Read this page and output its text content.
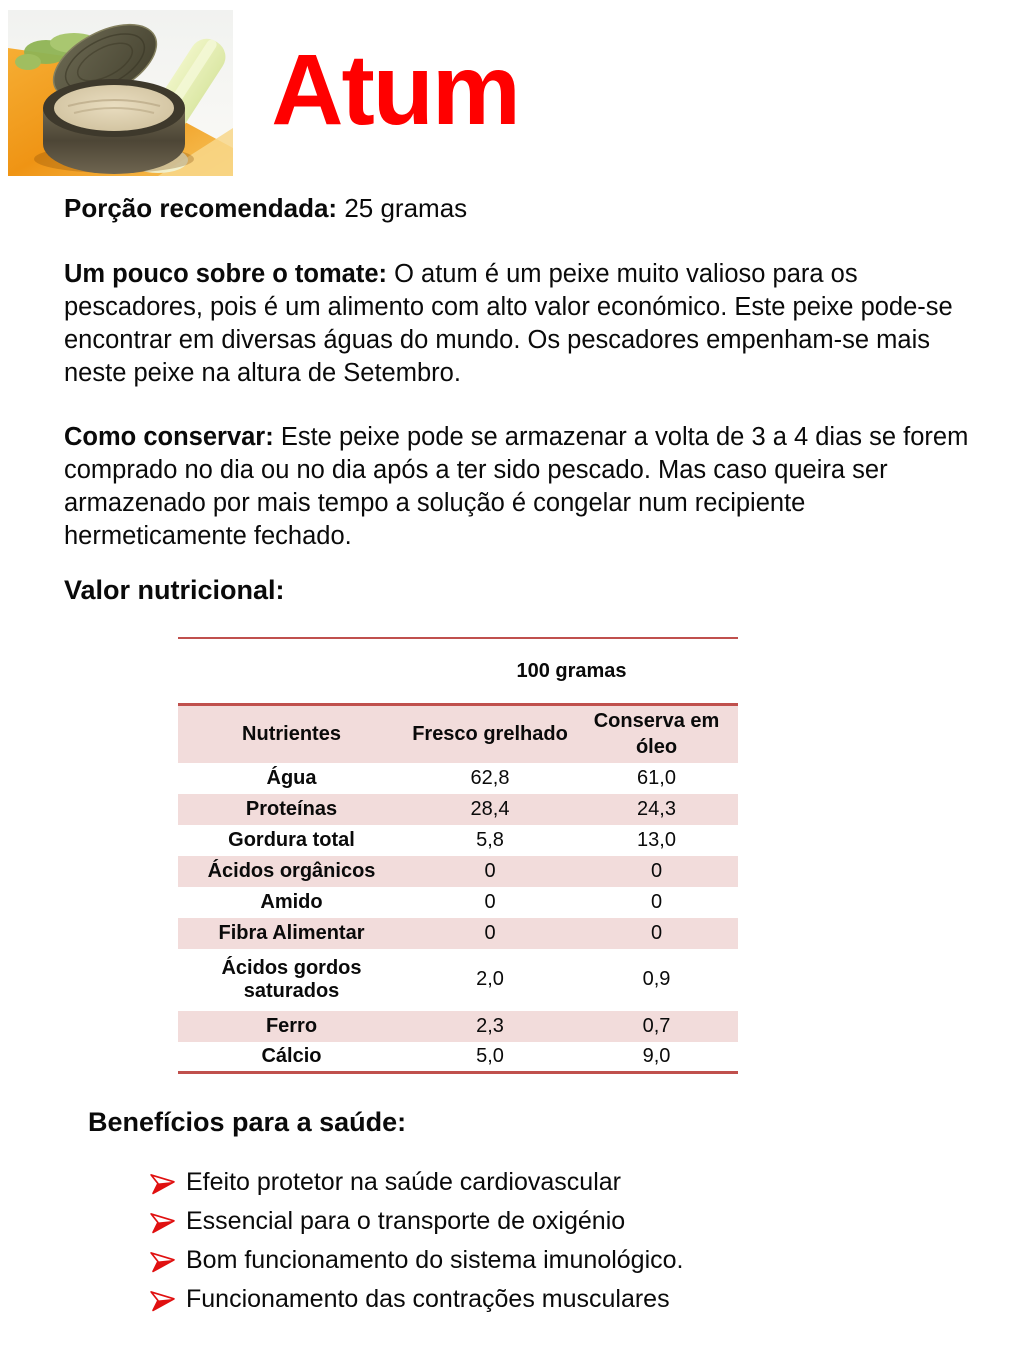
Atum

Porção recomendada: 25 gramas

Um pouco sobre o tomate: O atum é um peixe muito valioso para os pescadores, pois é um alimento com alto valor económico. Este peixe pode-se encontrar em diversas águas do mundo. Os pescadores empenham-se mais neste peixe na altura de Setembro.

Como conservar: Este peixe pode se armazenar a volta de 3 a 4 dias se forem comprado no dia ou no dia após a ter sido pescado. Mas caso queira ser armazenado por mais tempo a solução é congelar num recipiente hermeticamente fechado.

Valor nutricional:
100 gramas
Nutrientes	Fresco grelhado	Conserva em óleo
Água	62,8	61,0
Proteínas	28,4	24,3
Gordura total	5,8	13,0
Ácidos orgânicos	0	0
Amido	0	0
Fibra Alimentar	0	0
Ácidos gordos saturados	2,0	0,9
Ferro	2,3	0,7
Cálcio	5,0	9,0
Benefícios para a saúde:
Efeito protetor na saúde cardiovascular
Essencial para o transporte de oxigénio
Bom funcionamento do sistema imunológico.
Funcionamento das contrações musculares
